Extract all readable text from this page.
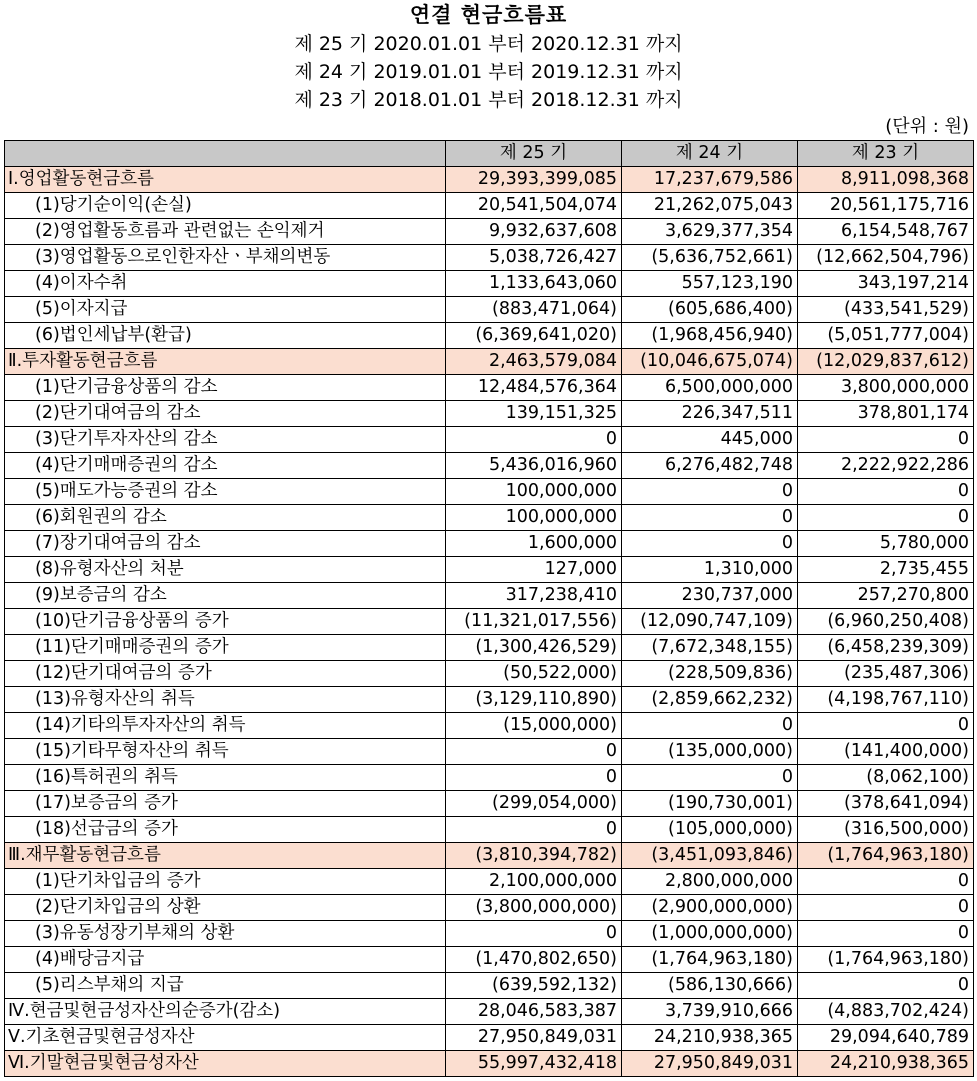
연결 현금흐름표
제 25 기 2020.01.01 부터 2020.12.31 까지
제 24 기 2019.01.01 부터 2019.12.31 까지
제 23 기 2018.01.01 부터 2018.12.31 까지
(단위 : 원)
	제 25 기	제 24 기	제 23 기
Ⅰ.영업활동현금흐름	29,393,399,085	17,237,679,586	8,911,098,368
(1)당기순이익(손실)	20,541,504,074	21,262,075,043	20,561,175,716
(2)영업활동흐름과 관련없는 손익제거	9,932,637,608	3,629,377,354	6,154,548,767
(3)영업활동으로인한자산ㆍ부채의변동	5,038,726,427	(5,636,752,661)	(12,662,504,796)
(4)이자수취	1,133,643,060	557,123,190	343,197,214
(5)이자지급	(883,471,064)	(605,686,400)	(433,541,529)
(6)법인세납부(환급)	(6,369,641,020)	(1,968,456,940)	(5,051,777,004)
Ⅱ.투자활동현금흐름	2,463,579,084	(10,046,675,074)	(12,029,837,612)
(1)단기금융상품의 감소	12,484,576,364	6,500,000,000	3,800,000,000
(2)단기대여금의 감소	139,151,325	226,347,511	378,801,174
(3)단기투자자산의 감소	0	445,000	0
(4)단기매매증권의 감소	5,436,016,960	6,276,482,748	2,222,922,286
(5)매도가능증권의 감소	100,000,000	0	0
(6)회원권의 감소	100,000,000	0	0
(7)장기대여금의 감소	1,600,000	0	5,780,000
(8)유형자산의 처분	127,000	1,310,000	2,735,455
(9)보증금의 감소	317,238,410	230,737,000	257,270,800
(10)단기금융상품의 증가	(11,321,017,556)	(12,090,747,109)	(6,960,250,408)
(11)단기매매증권의 증가	(1,300,426,529)	(7,672,348,155)	(6,458,239,309)
(12)단기대여금의 증가	(50,522,000)	(228,509,836)	(235,487,306)
(13)유형자산의 취득	(3,129,110,890)	(2,859,662,232)	(4,198,767,110)
(14)기타의투자자산의 취득	(15,000,000)	0	0
(15)기타무형자산의 취득	0	(135,000,000)	(141,400,000)
(16)특허권의 취득	0	0	(8,062,100)
(17)보증금의 증가	(299,054,000)	(190,730,001)	(378,641,094)
(18)선급금의 증가	0	(105,000,000)	(316,500,000)
Ⅲ.재무활동현금흐름	(3,810,394,782)	(3,451,093,846)	(1,764,963,180)
(1)단기차입금의 증가	2,100,000,000	2,800,000,000	0
(2)단기차입금의 상환	(3,800,000,000)	(2,900,000,000)	0
(3)유동성장기부채의 상환	0	(1,000,000,000)	0
(4)배당금지급	(1,470,802,650)	(1,764,963,180)	(1,764,963,180)
(5)리스부채의 지급	(639,592,132)	(586,130,666)	0
Ⅳ.현금및현금성자산의순증가(감소)	28,046,583,387	3,739,910,666	(4,883,702,424)
Ⅴ.기초현금및현금성자산	27,950,849,031	24,210,938,365	29,094,640,789
Ⅵ.기말현금및현금성자산	55,997,432,418	27,950,849,031	24,210,938,365
